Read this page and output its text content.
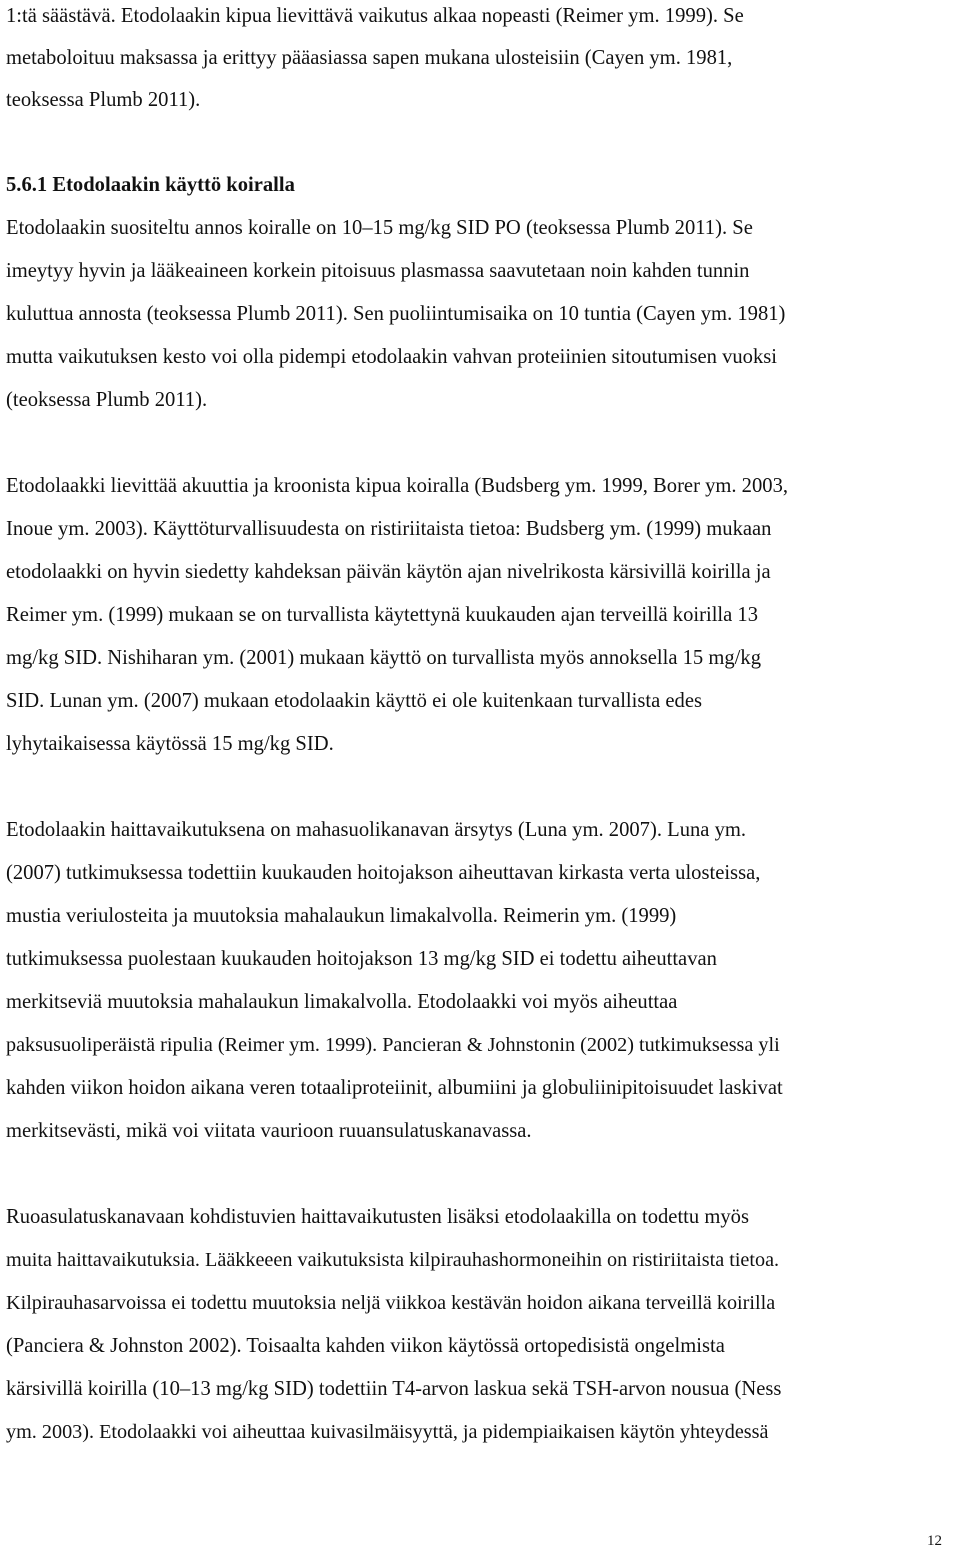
1:tä säästävä. Etodolaakin kipua lievittävä vaikutus alkaa nopeasti (Reimer ym. 1999). Se
metaboloituu maksassa ja erittyy pääasiassa sapen mukana ulosteisiin (Cayen ym. 1981,
teoksessa Plumb 2011).
5.6.1 Etodolaakin käyttö koiralla
Etodolaakin suositeltu annos koiralle on 10–15 mg/kg SID PO (teoksessa Plumb 2011). Se
imeytyy hyvin ja lääkeaineen korkein pitoisuus plasmassa saavutetaan noin kahden tunnin
kuluttua annosta (teoksessa Plumb 2011). Sen puoliintumisaika on 10 tuntia (Cayen ym. 1981)
mutta vaikutuksen kesto voi olla pidempi etodolaakin vahvan proteiinien sitoutumisen vuoksi
(teoksessa Plumb 2011).
Etodolaakki lievittää akuuttia ja kroonista kipua koiralla (Budsberg ym. 1999, Borer ym. 2003,
Inoue ym. 2003). Käyttöturvallisuudesta on ristiriitaista tietoa: Budsberg ym. (1999) mukaan
etodolaakki on hyvin siedetty kahdeksan päivän käytön ajan nivelrikosta kärsivillä koirilla ja
Reimer ym. (1999) mukaan se on turvallista käytettynä kuukauden ajan terveillä koirilla 13
mg/kg SID. Nishiharan ym. (2001) mukaan käyttö on turvallista myös annoksella 15 mg/kg
SID. Lunan ym. (2007) mukaan etodolaakin käyttö ei ole kuitenkaan turvallista edes
lyhytaikaisessa käytössä 15 mg/kg SID.
Etodolaakin haittavaikutuksena on mahasuolikanavan ärsytys (Luna ym. 2007). Luna ym.
(2007) tutkimuksessa todettiin kuukauden hoitojakson aiheuttavan kirkasta verta ulosteissa,
mustia veriulosteita ja muutoksia mahalaukun limakalvolla. Reimerin ym. (1999)
tutkimuksessa puolestaan kuukauden hoitojakson 13 mg/kg SID ei todettu aiheuttavan
merkitseviä muutoksia mahalaukun limakalvolla. Etodolaakki voi myös aiheuttaa
paksusuoliperäistä ripulia (Reimer ym. 1999). Pancieran & Johnstonin (2002) tutkimuksessa yli
kahden viikon hoidon aikana veren totaaliproteiinit, albumiini ja globuliinipitoisuudet laskivat
merkitsevästi, mikä voi viitata vaurioon ruuansulatuskanavassa.
Ruoasulatuskanavaan kohdistuvien haittavaikutusten lisäksi etodolaakilla on todettu myös
muita haittavaikutuksia. Lääkkeeen vaikutuksista kilpirauhashormoneihin on ristiriitaista tietoa.
Kilpirauhasarvoissa ei todettu muutoksia neljä viikkoa kestävän hoidon aikana terveillä koirilla
(Panciera & Johnston 2002). Toisaalta kahden viikon käytössä ortopedisistä ongelmista
kärsivillä koirilla (10–13 mg/kg SID) todettiin T4-arvon laskua sekä TSH-arvon nousua (Ness
ym. 2003). Etodolaakki voi aiheuttaa kuivasilmäisyyttä, ja pidempiaikaisen käytön yhteydessä
12
